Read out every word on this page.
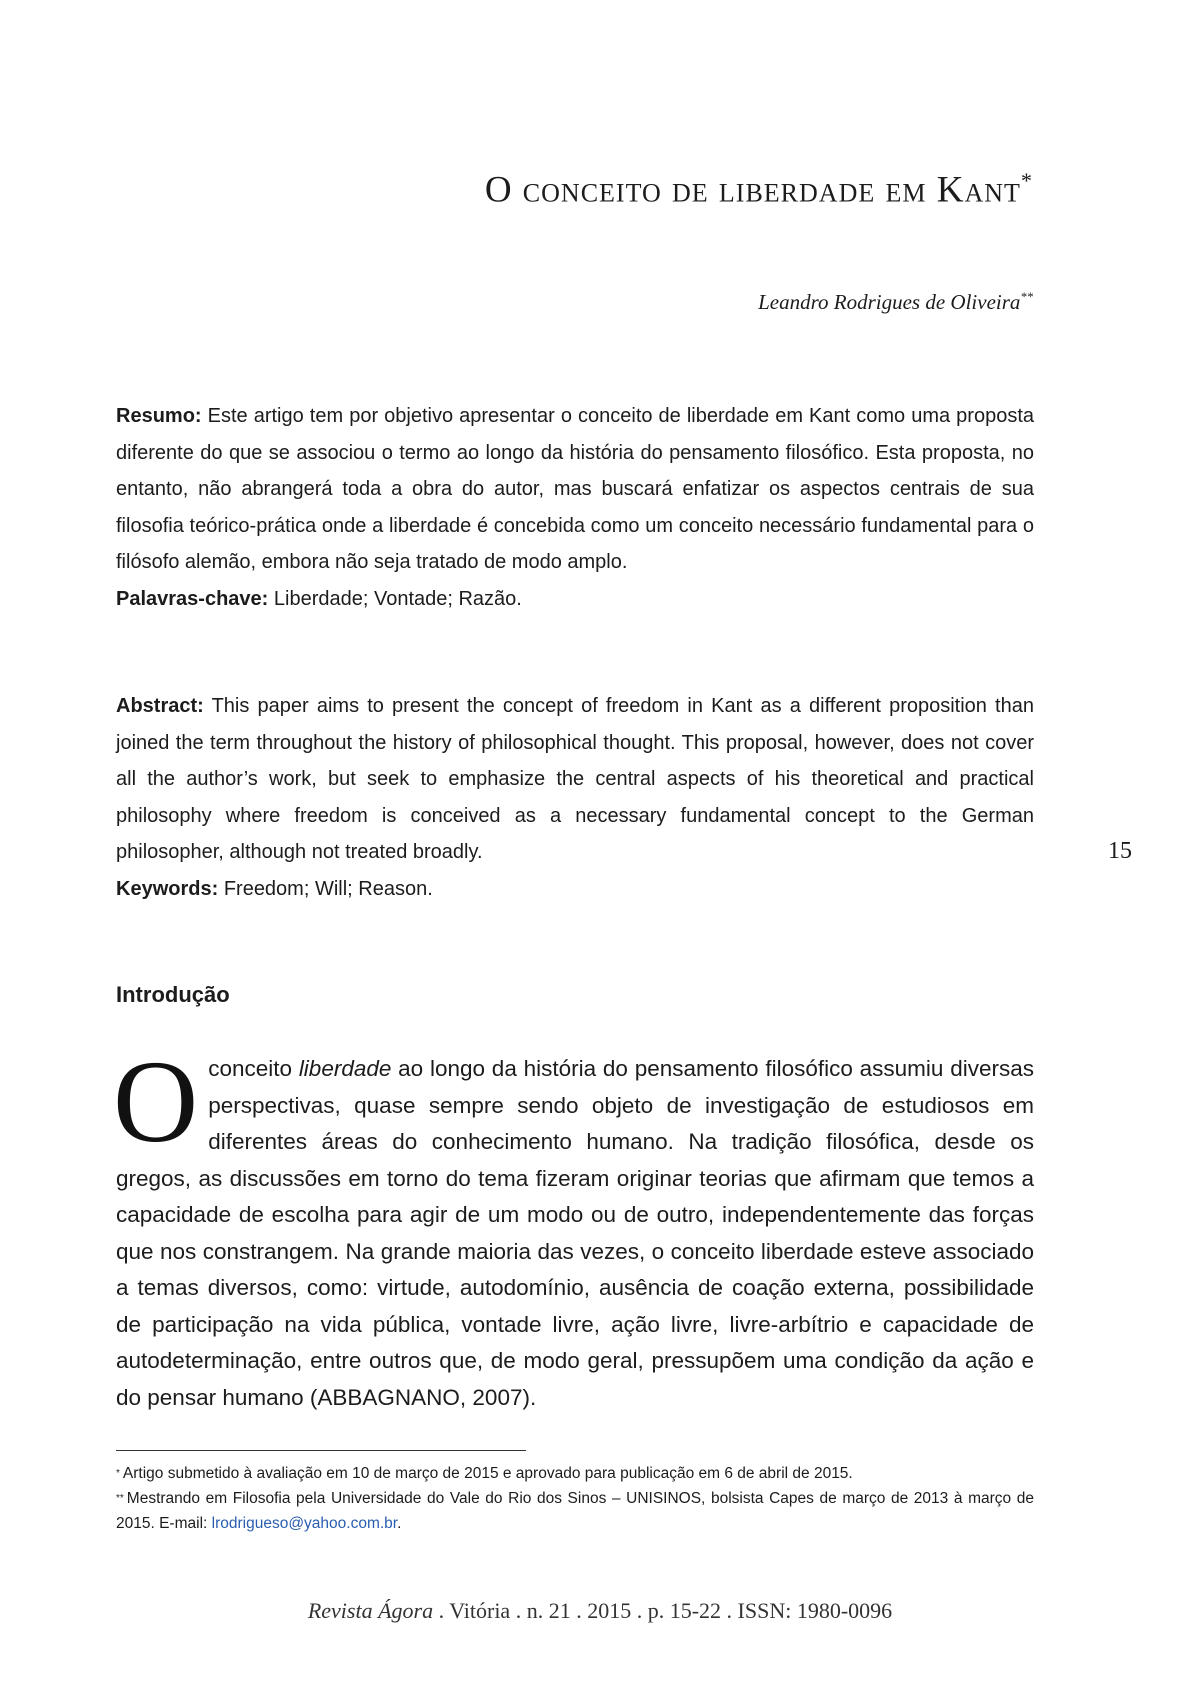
O conceito de liberdade em Kant*

Leandro Rodrigues de Oliveira**

Resumo: Este artigo tem por objetivo apresentar o conceito de liberdade em Kant como uma proposta diferente do que se associou o termo ao longo da história do pensamento filosófico. Esta proposta, no entanto, não abrangerá toda a obra do autor, mas buscará enfatizar os aspectos centrais de sua filosofia teórico-prática onde a liberdade é concebida como um conceito necessário fundamental para o filósofo alemão, embora não seja tratado de modo amplo.

Palavras-chave: Liberdade; Vontade; Razão.

Abstract: This paper aims to present the concept of freedom in Kant as a different proposition than joined the term throughout the history of philosophical thought. This proposal, however, does not cover all the author’s work, but seek to emphasize the central aspects of his theoretical and practical philosophy where freedom is conceived as a necessary fundamental concept to the German philosopher, although not treated broadly.

Keywords: Freedom; Will; Reason.

15

Introdução

Oconceito liberdade ao longo da história do pensamento filosófico assumiu diversas perspectivas, quase sempre sendo objeto de investigação de estudiosos em diferentes áreas do conhecimento humano. Na tradição filosófica, desde os gregos, as discussões em torno do tema fizeram originar teorias que afirmam que temos a capacidade de escolha para agir de um modo ou de outro, independentemente das forças que nos constrangem. Na grande maioria das vezes, o conceito liberdade esteve associado a temas diversos, como: virtude, autodomínio, ausência de coação externa, possibilidade de participação na vida pública, vontade livre, ação livre, livre-arbítrio e capacidade de autodeterminação, entre outros que, de modo geral, pressupõem uma condição da ação e do pensar humano (ABBAGNANO, 2007).

* Artigo submetido à avaliação em 10 de março de 2015 e aprovado para publicação em 6 de abril de 2015.

** Mestrando em Filosofia pela Universidade do Vale do Rio dos Sinos – UNISINOS, bolsista Capes de março de 2013 à março de 2015. E-mail: lrodrigueso@yahoo.com.br.

Revista Ágora . Vitória . n. 21 . 2015 . p. 15-22 . ISSN: 1980-0096
